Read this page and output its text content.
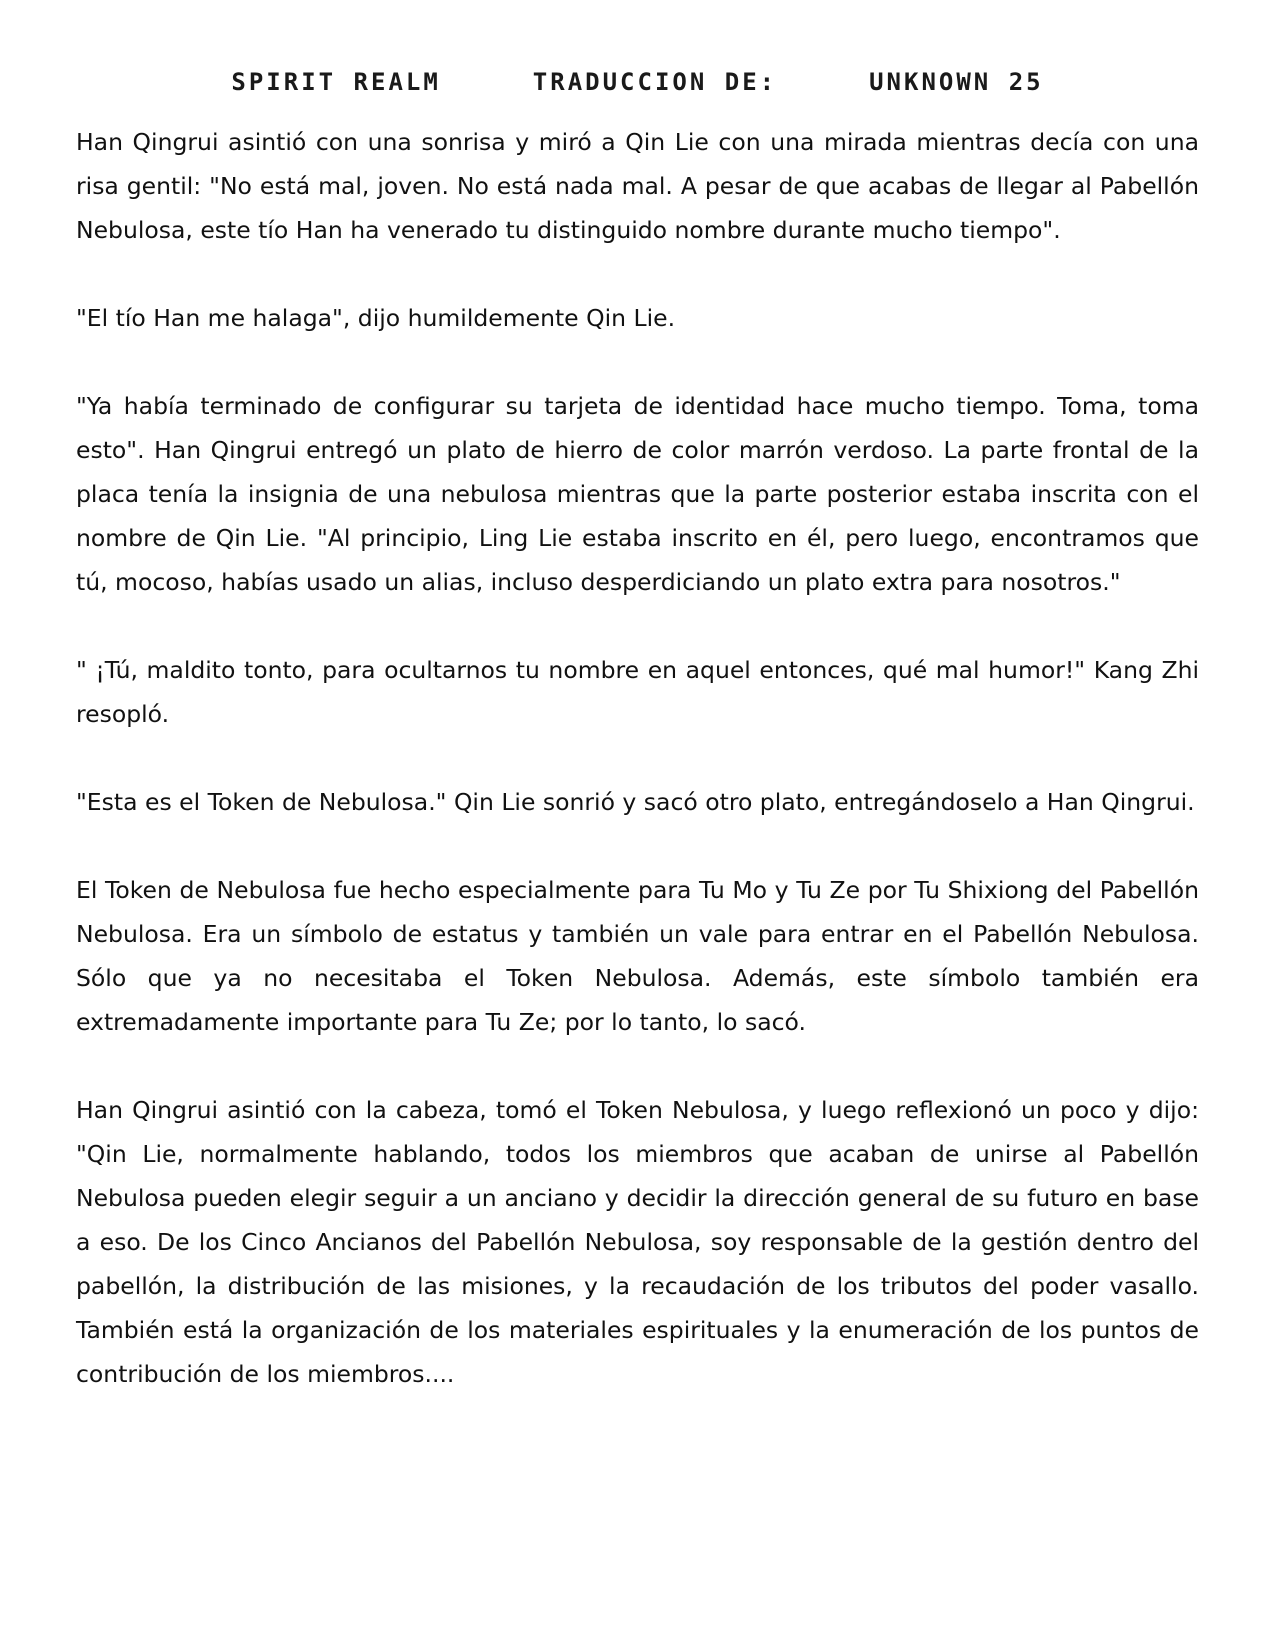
SPIRIT REALM	TRADUCCION DE:	UNKNOWN 25

Han Qingrui asintió con una sonrisa y miró a Qin Lie con una mirada mientras decía con una risa gentil: "No está mal, joven. No está nada mal. A pesar de que acabas de llegar al Pabellón Nebulosa, este tío Han ha venerado tu distinguido nombre durante mucho tiempo".

"El tío Han me halaga", dijo humildemente Qin Lie.

"Ya había terminado de configurar su tarjeta de identidad hace mucho tiempo. Toma, toma esto". Han Qingrui entregó un plato de hierro de color marrón verdoso. La parte frontal de la placa tenía la insignia de una nebulosa mientras que la parte posterior estaba inscrita con el nombre de Qin Lie. "Al principio, Ling Lie estaba inscrito en él, pero luego, encontramos que tú, mocoso, habías usado un alias, incluso desperdiciando un plato extra para nosotros."

" ¡Tú, maldito tonto, para ocultarnos tu nombre en aquel entonces, qué mal humor!" Kang Zhi resopló.

"Esta es el Token de Nebulosa." Qin Lie sonrió y sacó otro plato, entregándoselo a Han Qingrui.

El Token de Nebulosa fue hecho especialmente para Tu Mo y Tu Ze por Tu Shixiong del Pabellón Nebulosa. Era un símbolo de estatus y también un vale para entrar en el Pabellón Nebulosa. Sólo que ya no necesitaba el Token Nebulosa. Además, este símbolo también era extremadamente importante para Tu Ze; por lo tanto, lo sacó.

Han Qingrui asintió con la cabeza, tomó el Token Nebulosa, y luego reflexionó un poco y dijo: "Qin Lie, normalmente hablando, todos los miembros que acaban de unirse al Pabellón Nebulosa pueden elegir seguir a un anciano y decidir la dirección general de su futuro en base a eso. De los Cinco Ancianos del Pabellón Nebulosa, soy responsable de la gestión dentro del pabellón, la distribución de las misiones, y la recaudación de los tributos del poder vasallo. También está la organización de los materiales espirituales y la enumeración de los puntos de contribución de los miembros....
